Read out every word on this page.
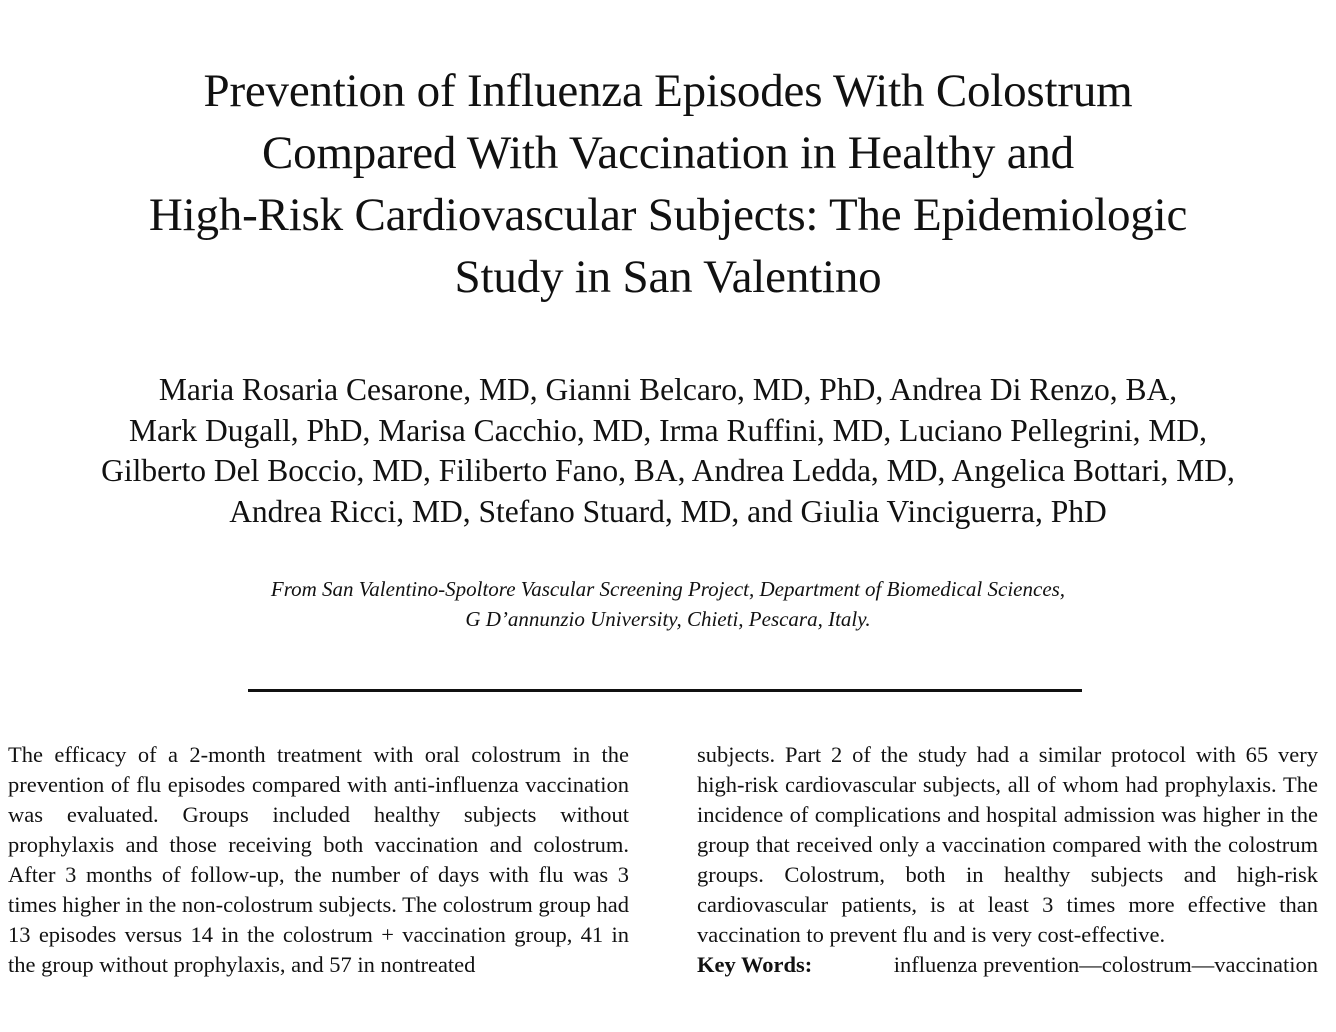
Prevention of Influenza Episodes With Colostrum
Compared With Vaccination in Healthy and
High-Risk Cardiovascular Subjects: The Epidemiologic
Study in San Valentino
Maria Rosaria Cesarone, MD, Gianni Belcaro, MD, PhD, Andrea Di Renzo, BA,
Mark Dugall, PhD, Marisa Cacchio, MD, Irma Ruffini, MD, Luciano Pellegrini, MD,
Gilberto Del Boccio, MD, Filiberto Fano, BA, Andrea Ledda, MD, Angelica Bottari, MD,
Andrea Ricci, MD, Stefano Stuard, MD, and Giulia Vinciguerra, PhD
From San Valentino-Spoltore Vascular Screening Project, Department of Biomedical Sciences,
G D’annunzio University, Chieti, Pescara, Italy.

The efficacy of a 2-month treatment with oral colostrum in the prevention of flu episodes compared with anti-influenza vaccination was evaluated. Groups included healthy subjects without prophylaxis and those receiving both vaccination and colostrum. After 3 months of follow-up, the number of days with flu was 3 times higher in the non-colostrum subjects. The colostrum group had 13 episodes versus 14 in the colostrum + vaccination group, 41 in the group without prophylaxis, and 57 in nontreated

subjects. Part 2 of the study had a similar protocol with 65 very high-risk cardiovascular subjects, all of whom had prophylaxis. The incidence of complications and hospital admission was higher in the group that received only a vaccination compared with the colostrum groups. Colostrum, both in healthy subjects and high-risk cardiovascular patients, is at least 3 times more effective than vaccination to prevent flu and is very cost-effective.

Key Words:	influenza prevention—colostrum—vaccination
